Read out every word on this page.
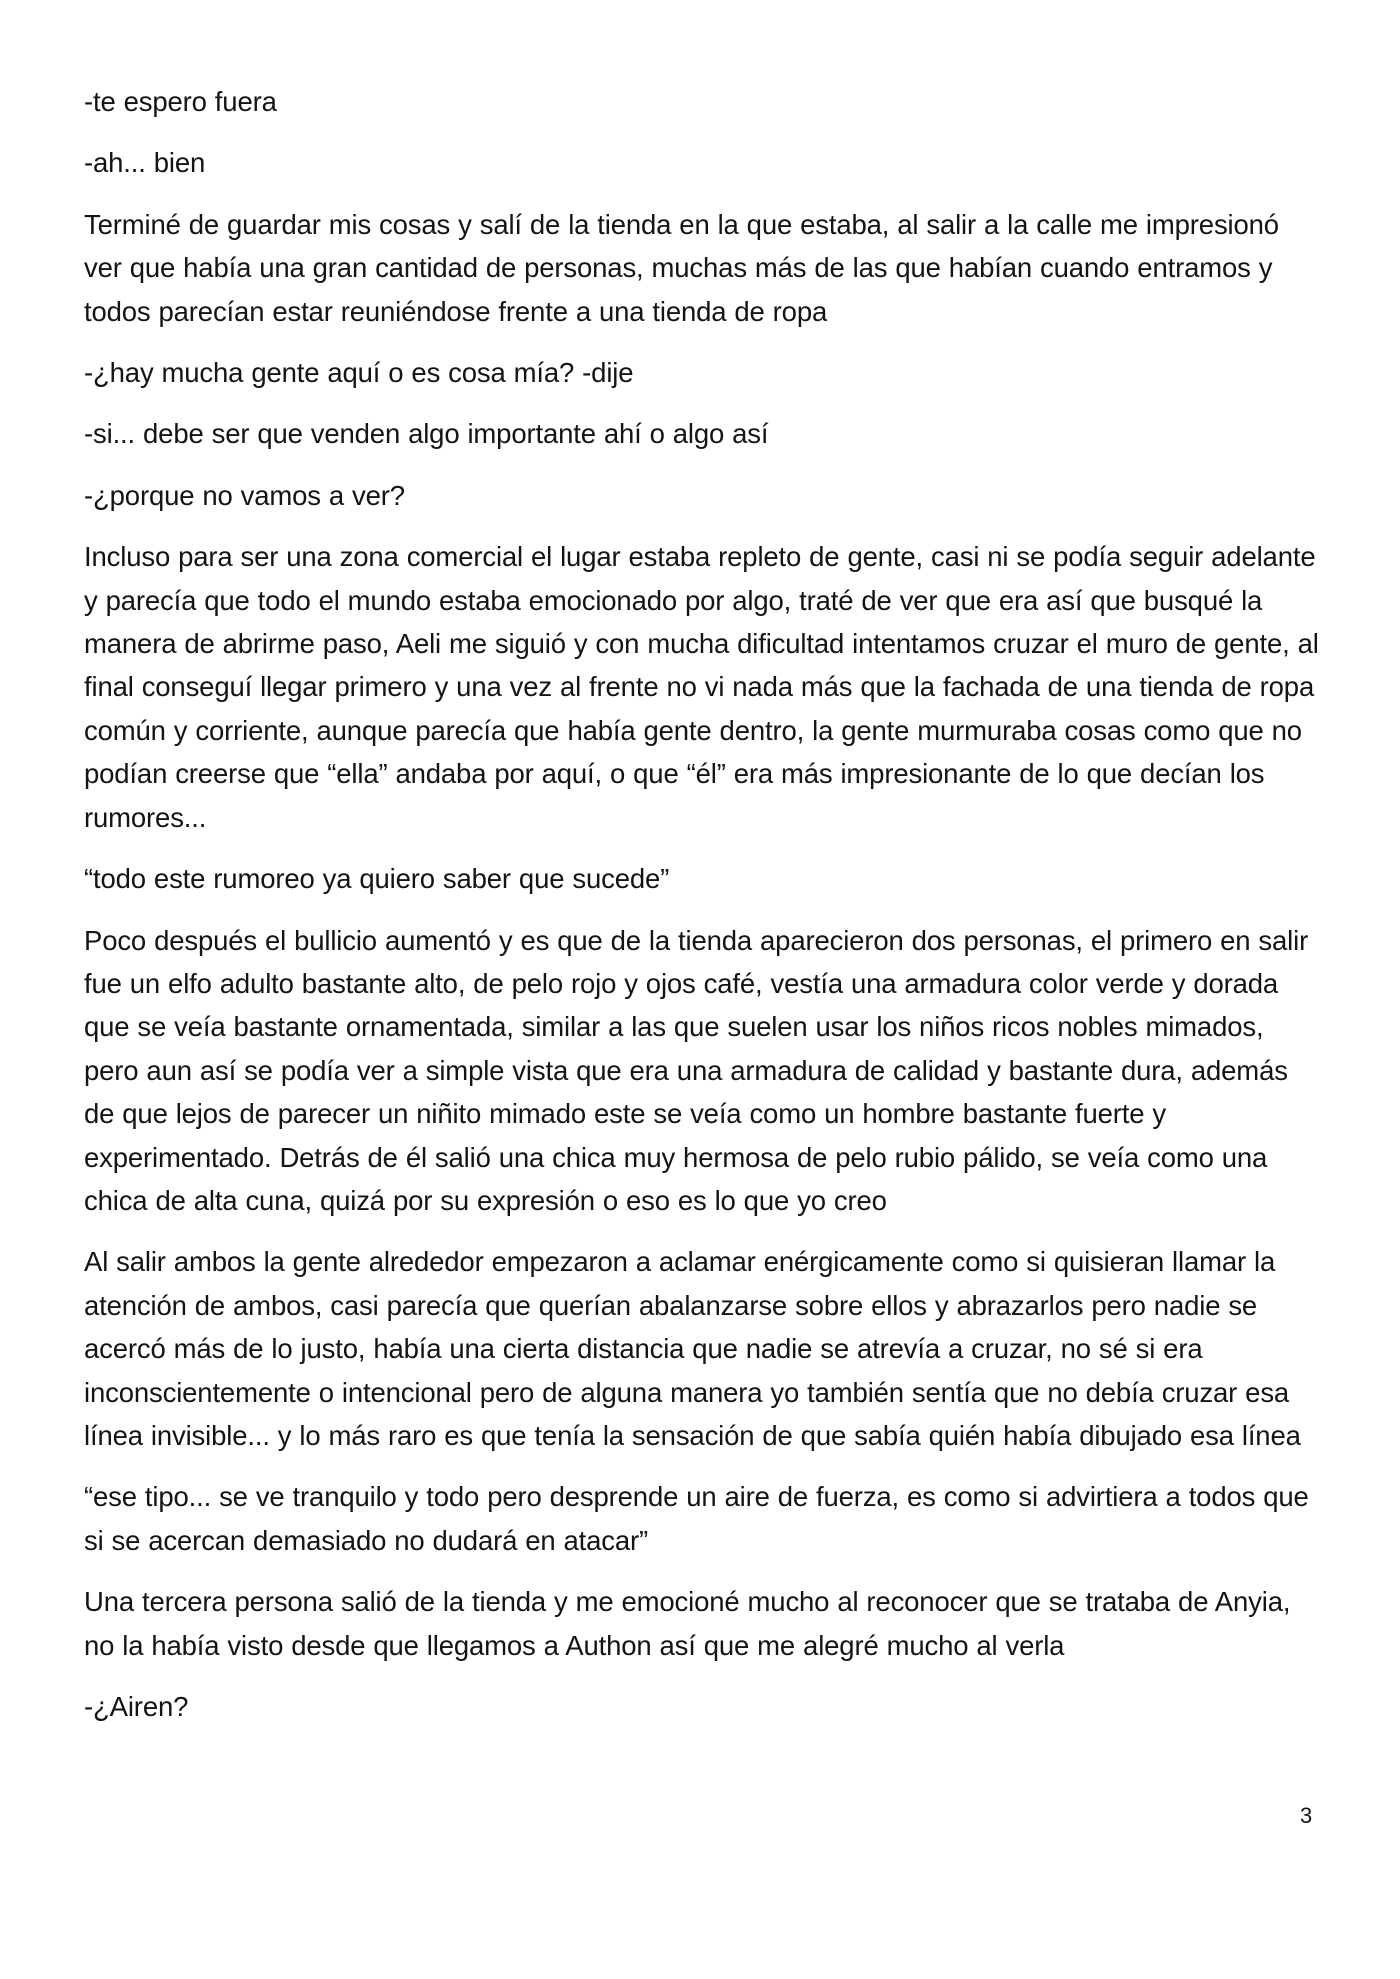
-te espero fuera

-ah... bien

Terminé de guardar mis cosas y salí de la tienda en la que estaba, al salir a la calle me impresionó ver que había una gran cantidad de personas, muchas más de las que habían cuando entramos y todos parecían estar reuniéndose frente a una tienda de ropa

-¿hay mucha gente aquí o es cosa mía? -dije

-si... debe ser que venden algo importante ahí o algo así

-¿porque no vamos a ver?

Incluso para ser una zona comercial el lugar estaba repleto de gente, casi ni se podía seguir adelante y parecía que todo el mundo estaba emocionado por algo, traté de ver que era así que busqué la manera de abrirme paso, Aeli me siguió y con mucha dificultad intentamos cruzar el muro de gente, al final conseguí llegar primero y una vez al frente no vi nada más que la fachada de una tienda de ropa común y corriente, aunque parecía que había gente dentro, la gente murmuraba cosas como que no podían creerse que “ella” andaba por aquí, o que “él” era más impresionante de lo que decían los rumores...

“todo este rumoreo ya quiero saber que sucede”

Poco después el bullicio aumentó y es que de la tienda aparecieron dos personas, el primero en salir fue un elfo adulto bastante alto, de pelo rojo y ojos café, vestía una armadura color verde y dorada que se veía bastante ornamentada, similar a las que suelen usar los niños ricos nobles mimados, pero aun así se podía ver a simple vista que era una armadura de calidad y bastante dura, además de que lejos de parecer un niñito mimado este se veía como un hombre bastante fuerte y experimentado. Detrás de él salió una chica muy hermosa de pelo rubio pálido, se veía como una chica de alta cuna, quizá por su expresión o eso es lo que yo creo

Al salir ambos la gente alrededor empezaron a aclamar enérgicamente como si quisieran llamar la atención de ambos, casi parecía que querían abalanzarse sobre ellos y abrazarlos pero nadie se acercó más de lo justo, había una cierta distancia que nadie se atrevía a cruzar, no sé si era inconscientemente o intencional pero de alguna manera yo también sentía que no debía cruzar esa línea invisible... y lo más raro es que tenía la sensación de que sabía quién había dibujado esa línea

“ese tipo... se ve tranquilo y todo pero desprende un aire de fuerza, es como si advirtiera a todos que si se acercan demasiado no dudará en atacar”

Una tercera persona salió de la tienda y me emocioné mucho al reconocer que se trataba de Anyia, no la había visto desde que llegamos a Authon así que me alegré mucho al verla

-¿Airen?

3
